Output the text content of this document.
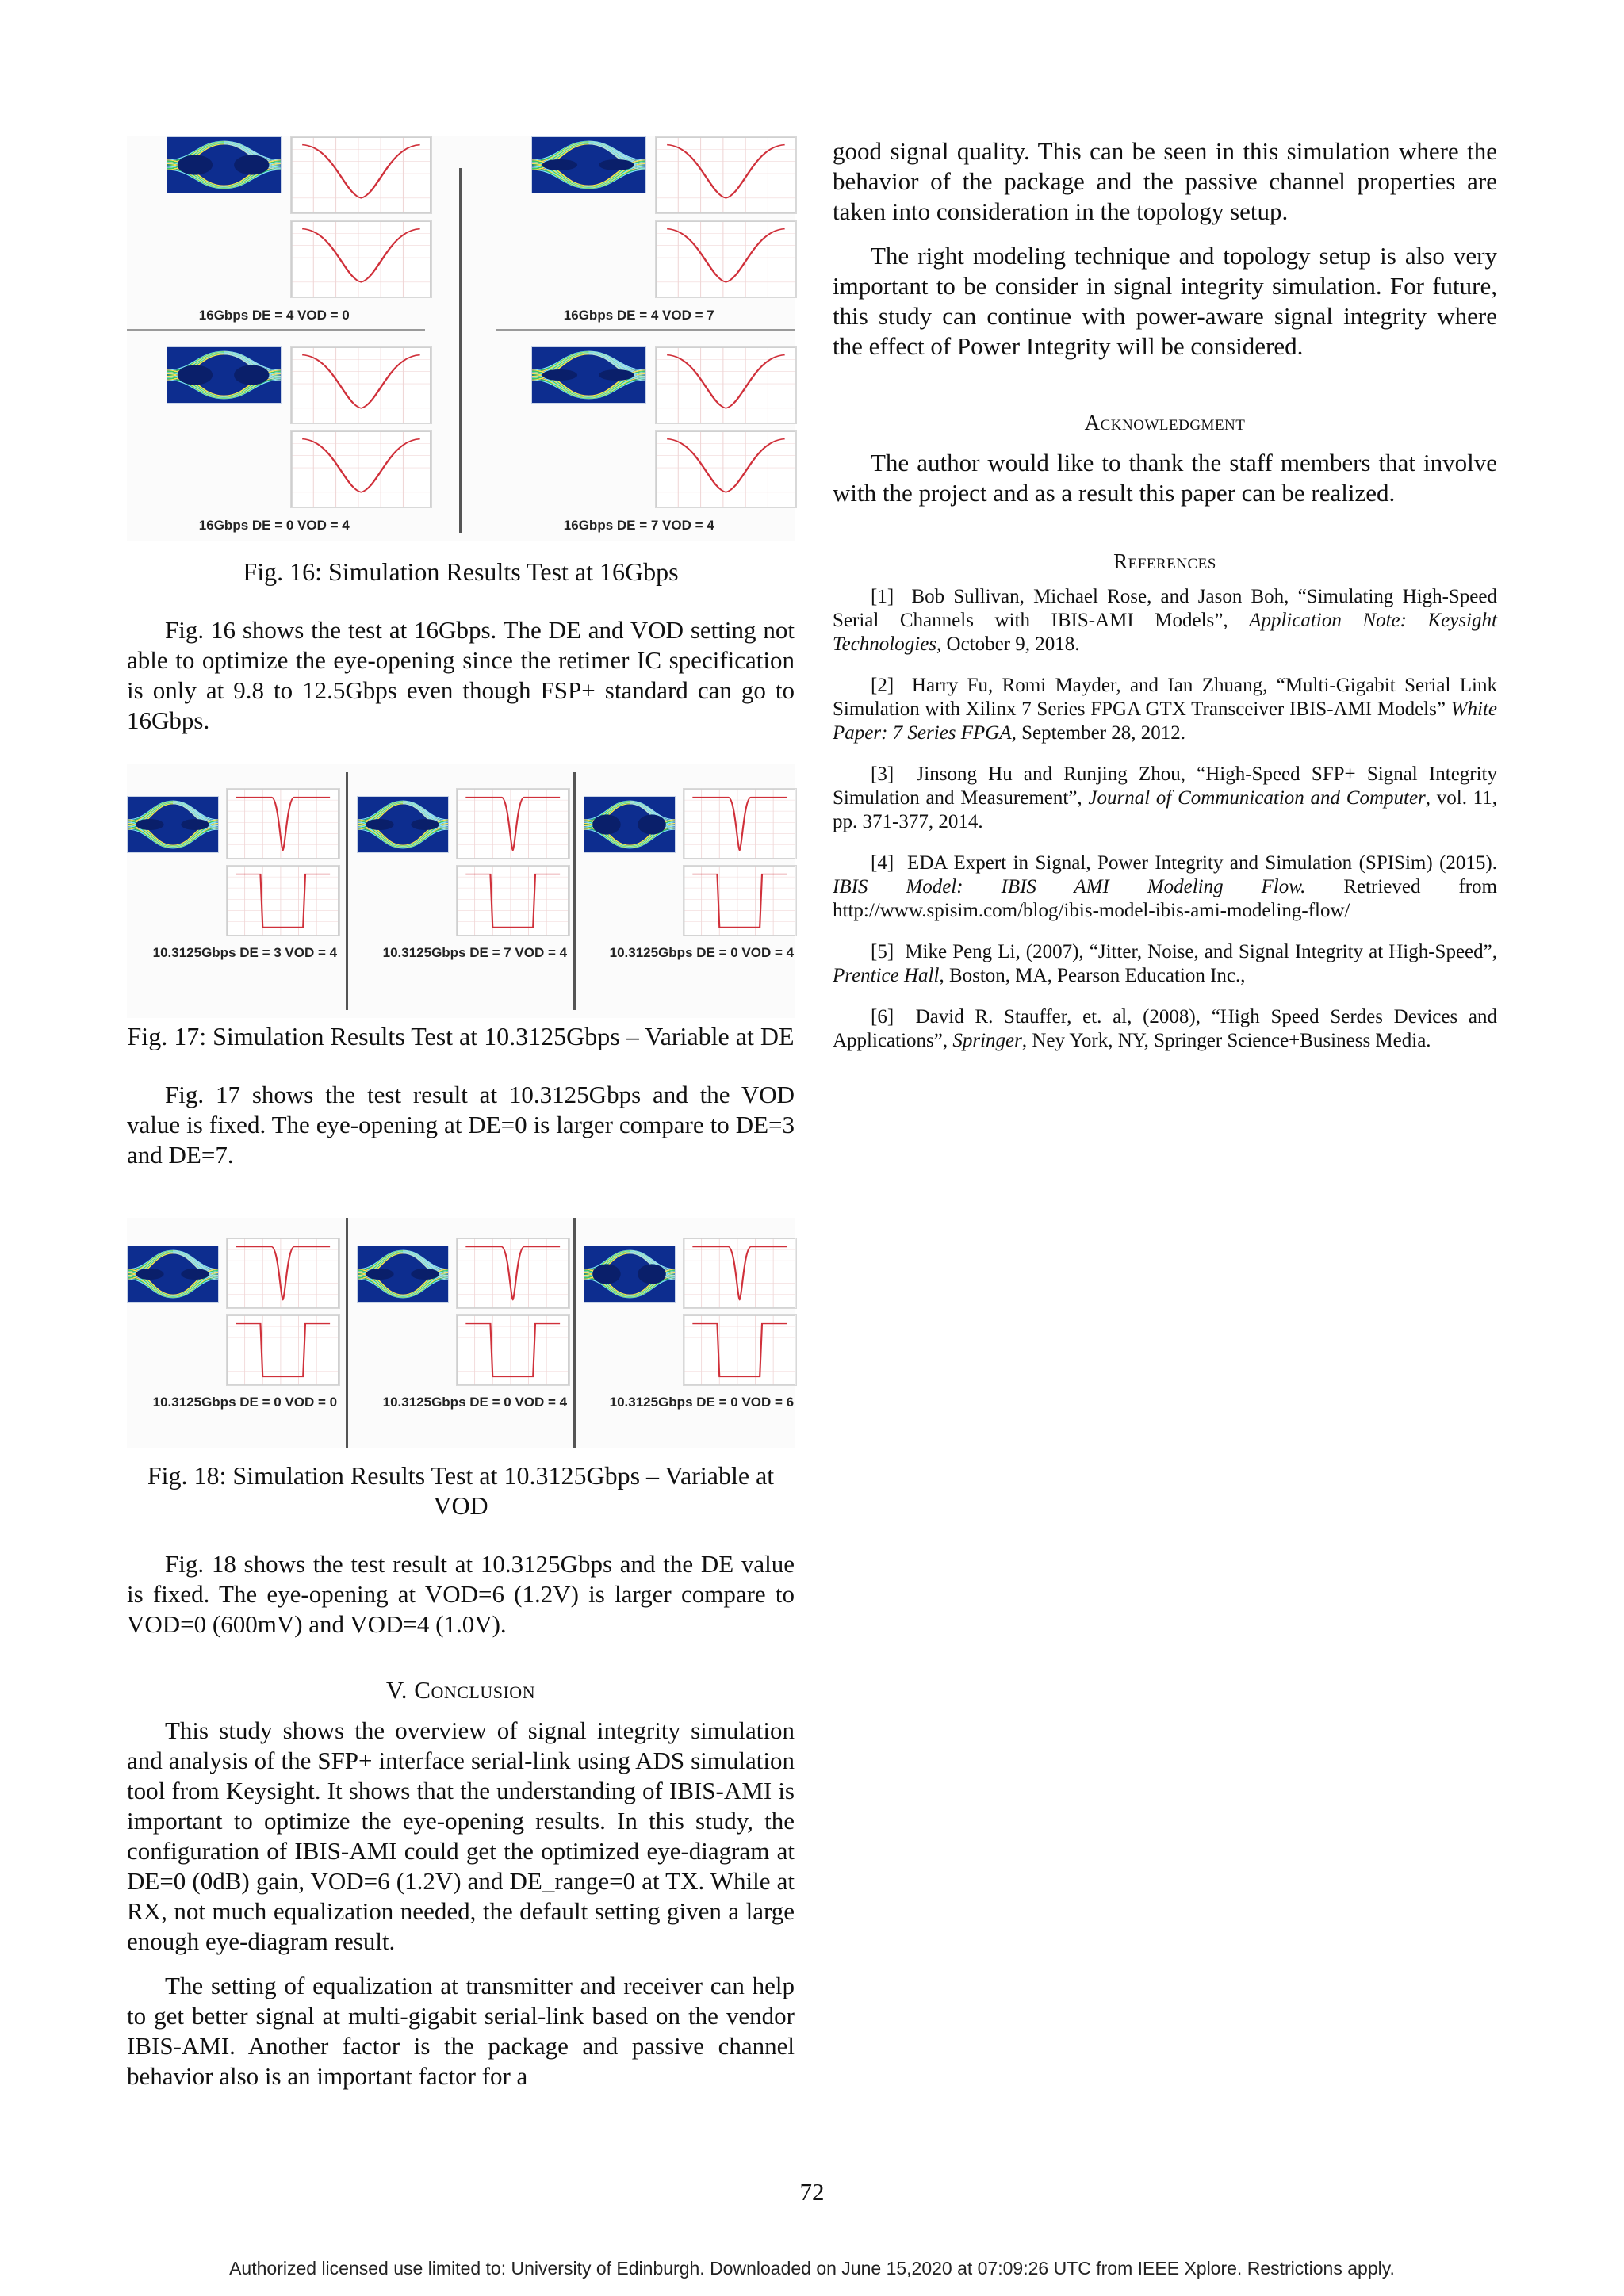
16Gbps DE = 4 VOD = 0	16Gbps DE = 4 VOD = 7
16Gbps DE = 0 VOD = 4	16Gbps DE = 7 VOD = 4

Fig. 16: Simulation Results Test at 16Gbps

Fig. 16 shows the test at 16Gbps. The DE and VOD setting not able to optimize the eye-opening since the retimer IC specification is only at 9.8 to 12.5Gbps even though FSP+ standard can go to 16Gbps.

10.3125Gbps DE = 3 VOD = 4	10.3125Gbps DE = 7 VOD = 4	10.3125Gbps DE = 0 VOD = 4

Fig. 17: Simulation Results Test at 10.3125Gbps – Variable at DE

Fig. 17 shows the test result at 10.3125Gbps and the VOD value is fixed. The eye-opening at DE=0 is larger compare to DE=3 and DE=7.

10.3125Gbps DE = 0 VOD = 0	10.3125Gbps DE = 0 VOD = 4	10.3125Gbps DE = 0 VOD = 6

Fig. 18: Simulation Results Test at 10.3125Gbps – Variable at VOD

Fig. 18 shows the test result at 10.3125Gbps and the DE value is fixed. The eye-opening at VOD=6 (1.2V) is larger compare to VOD=0 (600mV) and VOD=4 (1.0V).

V. Conclusion

This study shows the overview of signal integrity simulation and analysis of the SFP+ interface serial-link using ADS simulation tool from Keysight. It shows that the understanding of IBIS-AMI is important to optimize the eye-opening results. In this study, the configuration of IBIS-AMI could get the optimized eye-diagram at DE=0 (0dB) gain, VOD=6 (1.2V) and DE_range=0 at TX. While at RX, not much equalization needed, the default setting given a large enough eye-diagram result.

The setting of equalization at transmitter and receiver can help to get better signal at multi-gigabit serial-link based on the vendor IBIS-AMI. Another factor is the package and passive channel behavior also is an important factor for a

good signal quality. This can be seen in this simulation where the behavior of the package and the passive channel properties are taken into consideration in the topology setup.

The right modeling technique and topology setup is also very important to be consider in signal integrity simulation. For future, this study can continue with power-aware signal integrity where the effect of Power Integrity will be considered.

Acknowledgment

The author would like to thank the staff members that involve with the project and as a result this paper can be realized.

References

[1] Bob Sullivan, Michael Rose, and Jason Boh, “Simulating High-Speed Serial Channels with IBIS-AMI Models”, Application Note: Keysight Technologies, October 9, 2018.

[2] Harry Fu, Romi Mayder, and Ian Zhuang, “Multi-Gigabit Serial Link Simulation with Xilinx 7 Series FPGA GTX Transceiver IBIS-AMI Models” White Paper: 7 Series FPGA, September 28, 2012.

[3] Jinsong Hu and Runjing Zhou, “High-Speed SFP+ Signal Integrity Simulation and Measurement”, Journal of Communication and Computer, vol. 11, pp. 371-377, 2014.

[4] EDA Expert in Signal, Power Integrity and Simulation (SPISim) (2015). IBIS Model: IBIS AMI Modeling Flow. Retrieved from http://www.spisim.com/blog/ibis-model-ibis-ami-modeling-flow/

[5] Mike Peng Li, (2007), “Jitter, Noise, and Signal Integrity at High-Speed”, Prentice Hall, Boston, MA, Pearson Education Inc.,

[6] David R. Stauffer, et. al, (2008), “High Speed Serdes Devices and Applications”, Springer, Ney York, NY, Springer Science+Business Media.

72
Authorized licensed use limited to: University of Edinburgh. Downloaded on June 15,2020 at 07:09:26 UTC from IEEE Xplore. Restrictions apply.
